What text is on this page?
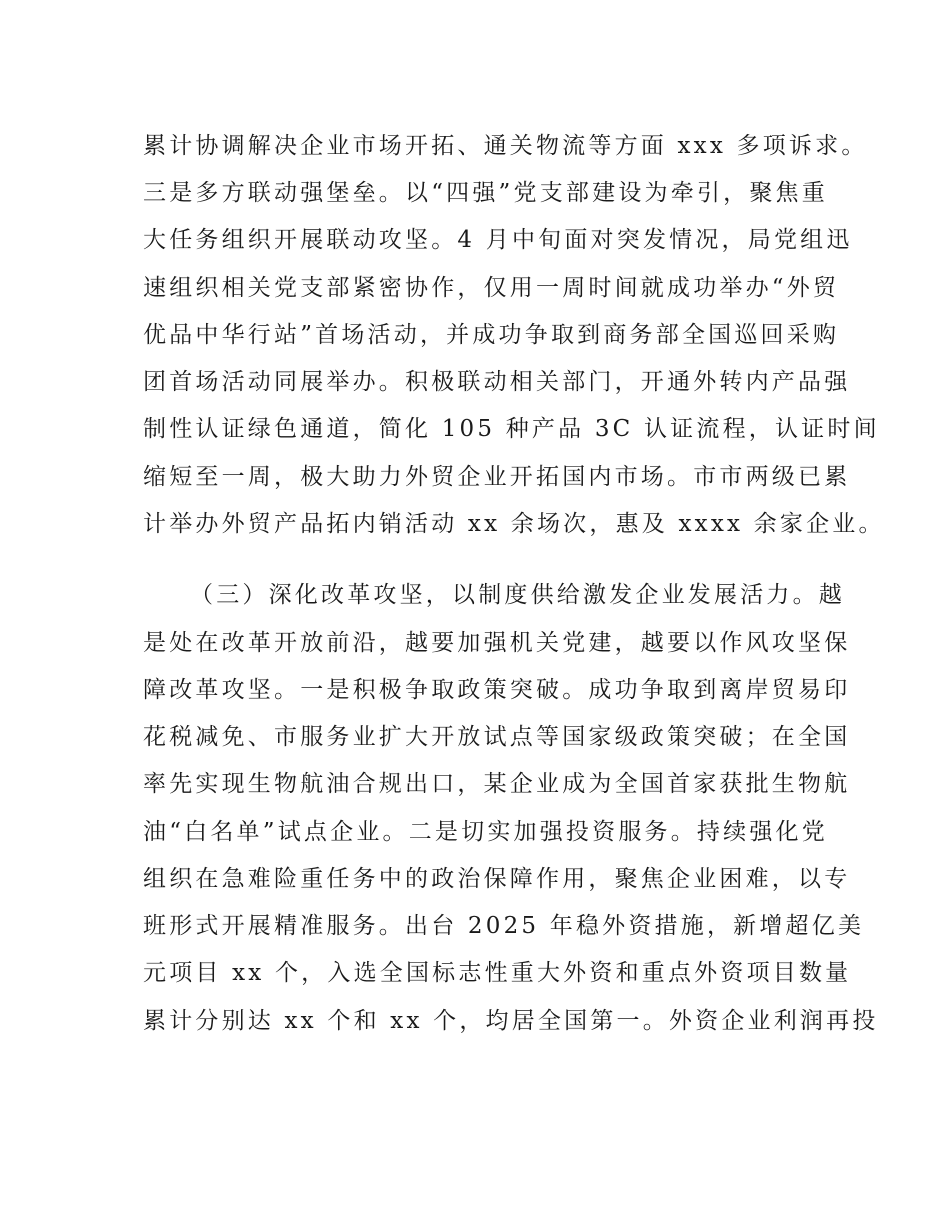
累计协调解决企业市场开拓、通关物流等方面 xxx 多项诉求。
三是多方联动强堡垒。以“四强”党支部建设为牵引，聚焦重
大任务组织开展联动攻坚。4 月中旬面对突发情况，局党组迅
速组织相关党支部紧密协作，仅用一周时间就成功举办“外贸
优品中华行站”首场活动，并成功争取到商务部全国巡回采购
团首场活动同展举办。积极联动相关部门，开通外转内产品强
制性认证绿色通道，简化 105 种产品 3C 认证流程，认证时间
缩短至一周，极大助力外贸企业开拓国内市场。市市两级已累
计举办外贸产品拓内销活动 xx 余场次，惠及 xxxx 余家企业。
（三）深化改革攻坚，以制度供给激发企业发展活力。越
是处在改革开放前沿，越要加强机关党建，越要以作风攻坚保
障改革攻坚。一是积极争取政策突破。成功争取到离岸贸易印
花税减免、市服务业扩大开放试点等国家级政策突破；在全国
率先实现生物航油合规出口，某企业成为全国首家获批生物航
油“白名单”试点企业。二是切实加强投资服务。持续强化党
组织在急难险重任务中的政治保障作用，聚焦企业困难，以专
班形式开展精准服务。出台 2025 年稳外资措施，新增超亿美
元项目 xx 个，入选全国标志性重大外资和重点外资项目数量
累计分别达 xx 个和 xx 个，均居全国第一。外资企业利润再投
